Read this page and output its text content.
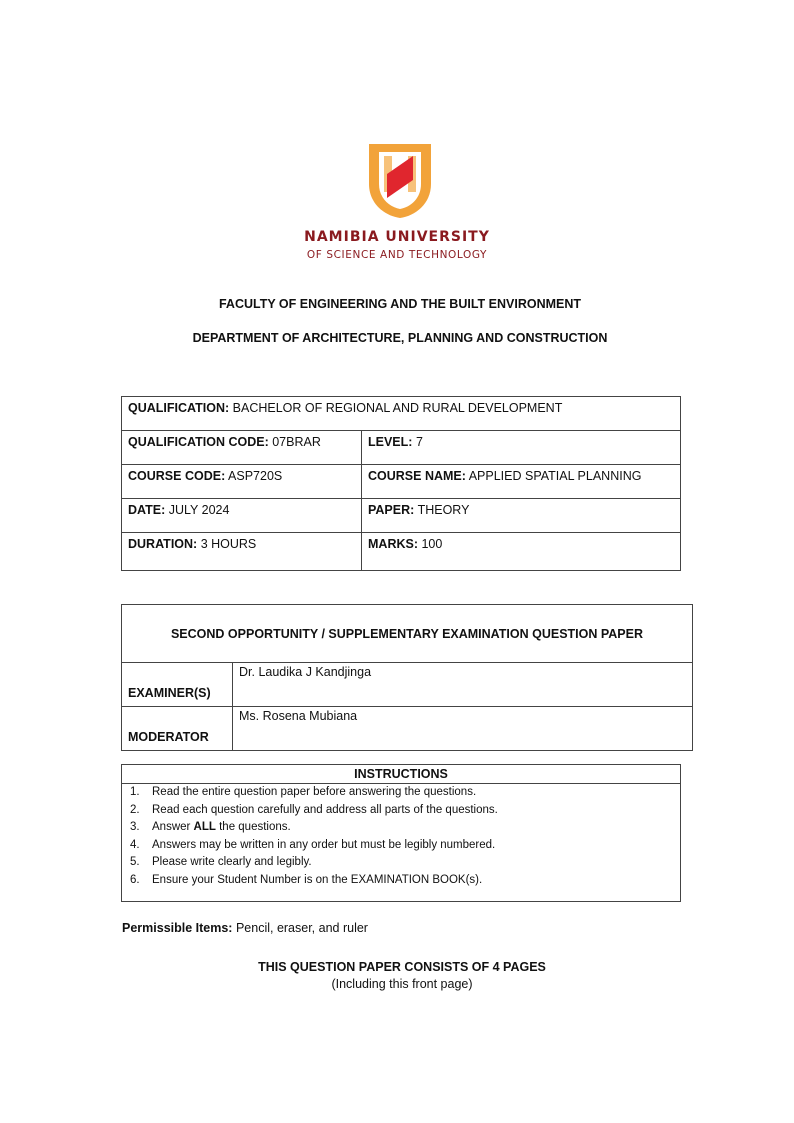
NAMIBIA UNIVERSITY
OF SCIENCE AND TECHNOLOGY
FACULTY OF ENGINEERING AND THE BUILT ENVIRONMENT
DEPARTMENT OF ARCHITECTURE, PLANNING AND CONSTRUCTION
QUALIFICATION: BACHELOR OF REGIONAL AND RURAL DEVELOPMENT	
QUALIFICATION CODE: 07BRAR	LEVEL: 7
COURSE CODE: ASP720S	COURSE NAME: APPLIED SPATIAL PLANNING
DATE: JULY 2024	PAPER: THEORY
DURATION: 3 HOURS	MARKS: 100
SECOND OPPORTUNITY / SUPPLEMENTARY EXAMINATION QUESTION PAPER	
EXAMINER(S)	Dr. Laudika J Kandjinga
MODERATOR	Ms. Rosena Mubiana
INSTRUCTIONS
1. Read the entire question paper before answering the questions.
2. Read each question carefully and address all parts of the questions.
3. Answer ALL the questions.
4. Answers may be written in any order but must be legibly numbered.
5. Please write clearly and legibly.
6. Ensure your Student Number is on the EXAMINATION BOOK(s).
Permissible Items: Pencil, eraser, and ruler
THIS QUESTION PAPER CONSISTS OF 4 PAGES
(Including this front page)
